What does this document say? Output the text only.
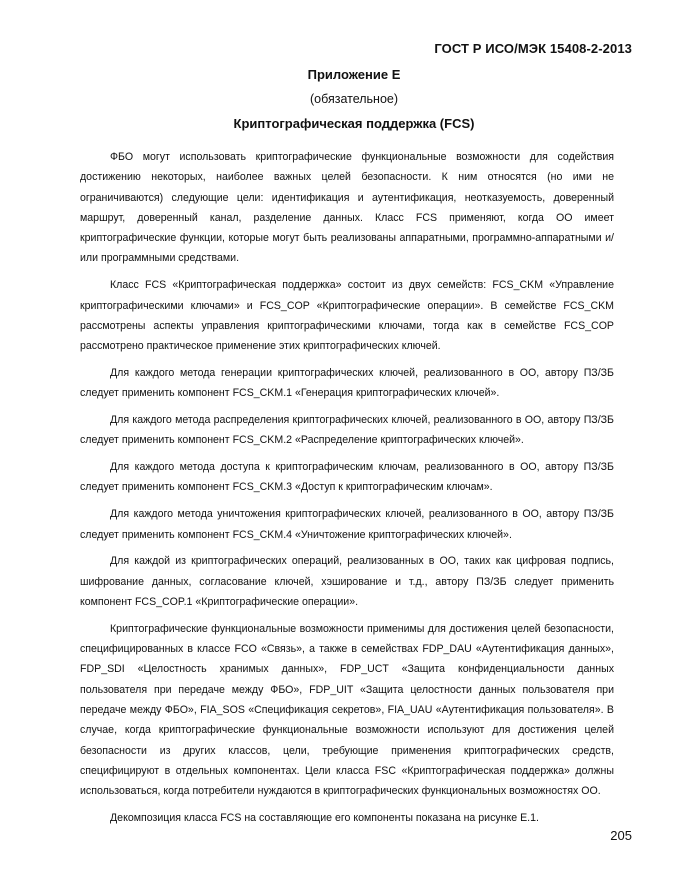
ГОСТ Р ИСО/МЭК 15408-2-2013
Приложение Е
(обязательное)
Криптографическая поддержка (FCS)

ФБО могут использовать криптографические функциональные возможности для содействия достижению некоторых, наиболее важных целей безопасности. К ним относятся (но ими не ограничиваются) следующие цели: идентификация и аутентификация, неотказуемость, доверенный маршрут, доверенный канал, разделение данных. Класс FCS применяют, когда ОО имеет криптографические функции, которые могут быть реализованы аппаратными, программно-аппаратными и/или программными средствами.

Класс FCS «Криптографическая поддержка» состоит из двух семейств: FCS_CKM «Управление криптографическими ключами» и FCS_COP «Криптографические операции». В семействе FCS_CKM рассмотрены аспекты управления криптографическими ключами, тогда как в семействе FCS_COP рассмотрено практическое применение этих криптографических ключей.

Для каждого метода генерации криптографических ключей, реализованного в ОО, автору ПЗ/ЗБ следует применить компонент FCS_CKM.1 «Генерация криптографических ключей».

Для каждого метода распределения криптографических ключей, реализованного в ОО, автору ПЗ/ЗБ следует применить компонент FCS_CKM.2 «Распределение криптографических ключей».

Для каждого метода доступа к криптографическим ключам, реализованного в ОО, автору ПЗ/ЗБ следует применить компонент FCS_CKM.3 «Доступ к криптографическим ключам».

Для каждого метода уничтожения криптографических ключей, реализованного в ОО, автору ПЗ/ЗБ следует применить компонент FCS_CKM.4 «Уничтожение криптографических ключей».

Для каждой из криптографических операций, реализованных в ОО, таких как цифровая подпись, шифрование данных, согласование ключей, хэширование и т.д., автору ПЗ/ЗБ следует применить компонент FCS_COP.1 «Криптографические операции».

Криптографические функциональные возможности применимы для достижения целей безопасности, специфицированных в классе FCO «Связь», а также в семействах FDP_DAU «Аутентификация данных», FDP_SDI «Целостность хранимых данных», FDP_UCT «Защита конфиденциальности данных пользователя при передаче между ФБО», FDP_UIT «Защита целостности данных пользователя при передаче между ФБО», FIA_SOS «Спецификация секретов», FIA_UAU «Аутентификация пользователя». В случае, когда криптографические функциональные возможности используют для достижения целей безопасности из других классов, цели, требующие применения криптографических средств, специфицируют в отдельных компонентах. Цели класса FSC «Криптографическая поддержка» должны использоваться, когда потребители нуждаются в криптографических функциональных возможностях ОО.

Декомпозиция класса FCS на составляющие его компоненты показана на рисунке Е.1.

205
